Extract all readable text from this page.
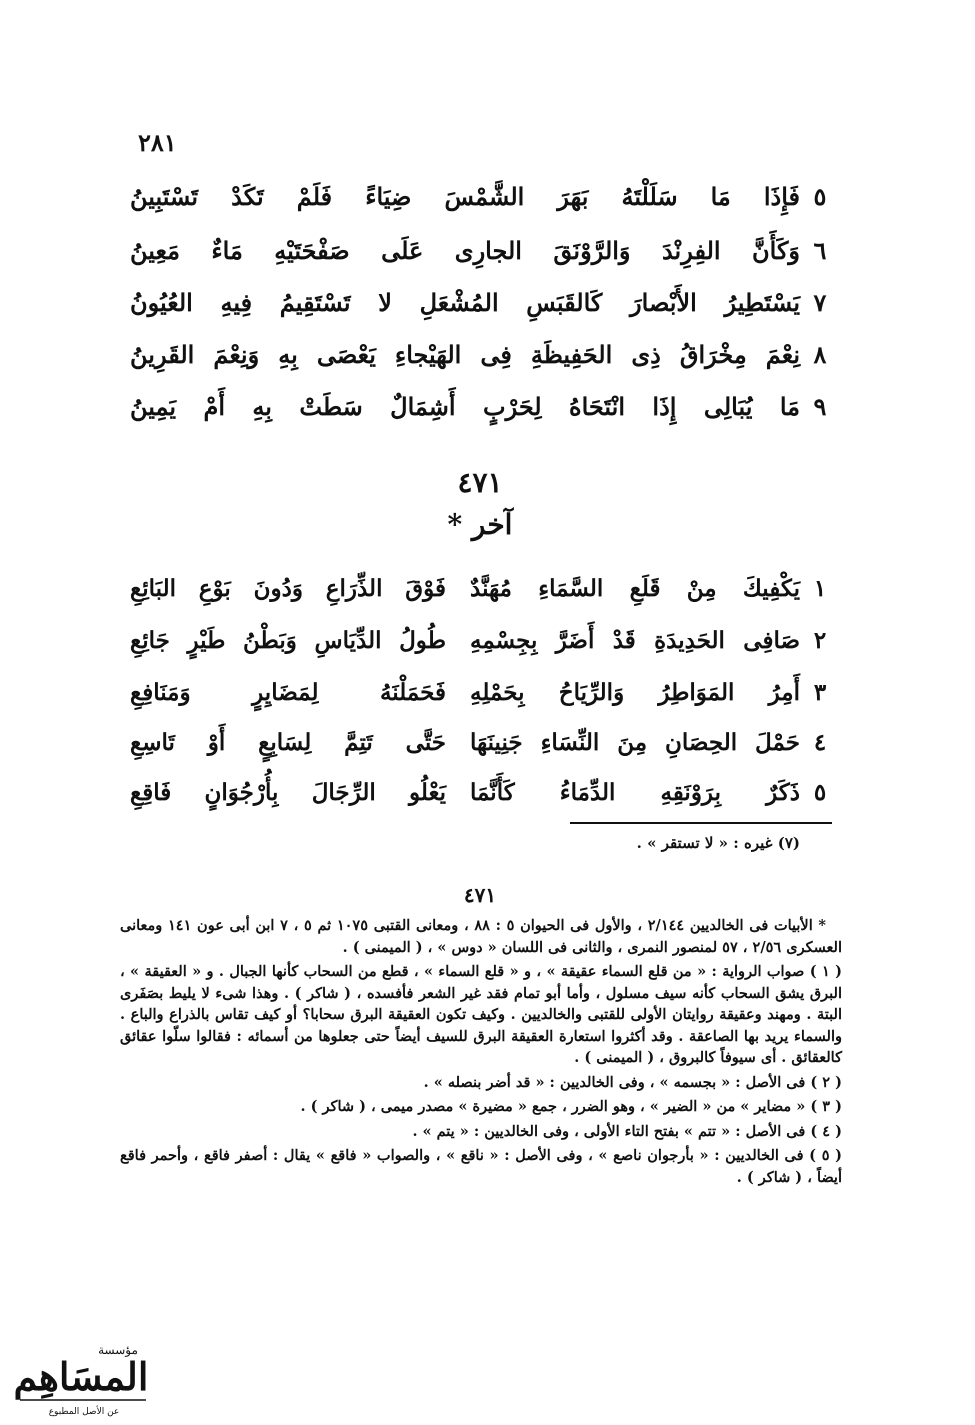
٢٨١
٥
فَإِذَا مَا سَلَلْتَهُ بَهَرَ الشَّمْسَ ضِيَاءً فَلَمْ تَكَدْ تَسْتَبِينُ
٦
وَكَأَنَّ الفِرِنْدَ وَالرَّوْنَقَ الجارِى عَلَى صَفْحَتَيْهِ مَاءٌ مَعِينُ
٧
يَسْتَطِيرُ الأَبْصارَ كَالقَبَسِ المُشْعَلِ لا تَسْتَقِيمُ فِيهِ العُيُونُ
٨
نِعْمَ مِخْرَاقُ ذِى الحَفِيظَةِ فِى الهَيْجاءِ يَعْصَى بِهِ وَنِعْمَ القَرِينُ
٩
مَا يُبَالِى إِذَا انْتَحَاهُ لِحَرْبٍ أَشِمَالٌ سَطَتْ بِهِ أَمْ يَمِينُ
٤٧١
آخر *
١
يَكْفِيكَ مِنْ قَلَعِ السَّمَاءِ مُهَنَّدٌ
فَوْقَ الذِّرَاعِ وَدُونَ بَوْعِ البَائِعِ
٢
صَافِى الحَدِيدَةِ قَدْ أَضَرَّ بِجِسْمِهِ
طُولُ الدِّيَاسِ وَبَطْنُ طَيْرٍ جَائِعِ
٣
أَمِرُ المَوَاطِرُ وَالرِّيَاحُ بِحَمْلِهِ
فَحَمَلْنَهُ لِمَضَايِرٍ وَمَنَافِعِ
٤
حَمْلَ الحِصَانِ مِنَ النِّسَاءِ جَنِينَهَا
حَتَّى تَتِمَّ لِسَابِعٍ أَوْ تَاسِعِ
٥
ذَكَرٌ بِرَوْنَقِهِ الدِّمَاءُ كَأَنَّمَا
يَعْلُو الرِّجَالَ بِأُرْجُوَانٍ فَاقِعِ
(٧) غيره : « لا تستقر » .
٤٧١

* الأبيات فى الخالديين ٢/١٤٤ ، والأول فى الحيوان ٥ : ٨٨ ، ومعانى القتبى ١٠٧٥ ثم ٥ ، ٧ ابن أبى عون ١٤١ ومعانى العسكرى ٢/٥٦ ، ٥٧ لمنصور النمرى ، والثانى فى اللسان « دوس » ، ( الميمنى ) .

( ١ ) صواب الرواية : « من قلع السماء عقيقة » ، و « قلع السماء » ، قطع من السحاب كأنها الجبال . و « العقيقة » ، البرق يشق السحاب كأنه سيف مسلول ، وأما أبو تمام فقد غير الشعر فأفسده ، ( شاكر ) . وهذا شىء لا يليط بصَفَرى البتة . ومهند وعقيقة روايتان الأولى للقتبى والخالديين . وكيف تكون العقيقة البرق سحابا؟ أو كيف تقاس بالذراع والباع . والسماء يريد بها الصاعقة . وقد أكثروا استعارة العقيقة البرق للسيف أيضاً حتى جعلوها من أسمائه : فقالوا سلّوا عقائق كالعقائق . أى سيوفاً كالبروق ، ( الميمنى ) .

( ٢ ) فى الأصل : « بجسمه » ، وفى الخالديين : « قد أضر بنصله » .

( ٣ ) « مضاير » من « الضير » ، وهو الضرر ، جمع « مضيرة » مصدر ميمى ، ( شاكر ) .

( ٤ ) فى الأصل : « تتم » بفتح التاء الأولى ، وفى الخالديين : « يتم » .

( ٥ ) فى الخالديين : « بأرجوان ناصع » ، وفى الأصل : « ناقع » ، والصواب « فاقع » يقال : أصفر فاقع ، وأحمر فاقع أيضاً ، ( شاكر ) .

المسَاهِم
مؤسسة
عن الأصل المطبوع
